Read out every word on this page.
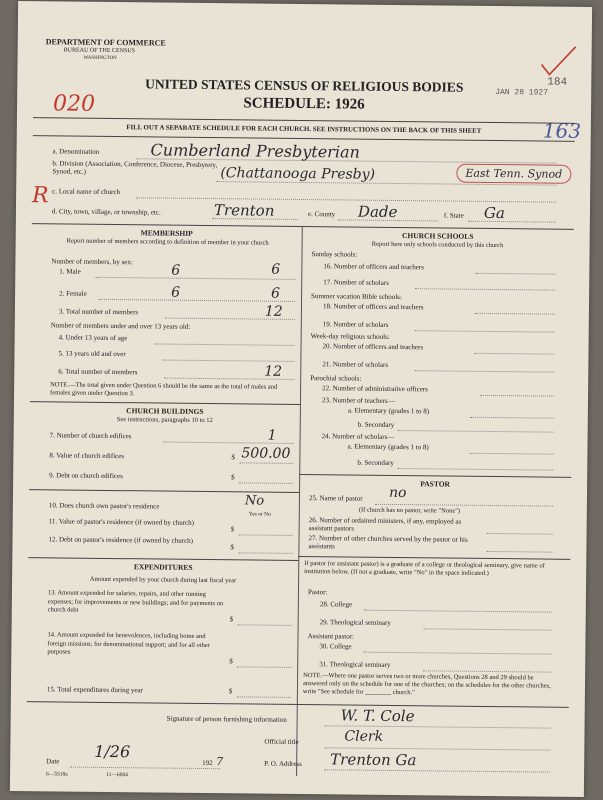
DEPARTMENT OF COMMERCE
BUREAU OF THE CENSUS
WASHINGTON
UNITED STATES CENSUS OF RELIGIOUS BODIES
SCHEDULE: 1926
020
163
JAN 28 1927
184
FILL OUT A SEPARATE SCHEDULE FOR EACH CHURCH. SEE INSTRUCTIONS ON THE BACK OF THIS SHEET
a. Denomination	Cumberland Presbyterian
b. Division (Association, Conference, Diocese, Presbytery, Synod, etc.)	(Chattanooga Presby)	East Tenn. Synod
R c. Local name of church
d. City, town, village, or township, etc.	Trenton	e. County Dade	f. State Ga
MEMBERSHIP
Report number of members according to definition of member in your church
Number of members, by sex:
1. Male	6	6
2. Female	6	6
3. Total number of members	12
Number of members under and over 13 years old:
4. Under 13 years of age
5. 13 years old and over
6. Total number of members	12
NOTE.—The total given under Question 6 should be the same as the total of males and females given under Question 3.
CHURCH BUILDINGS
See instructions, paragraphs 10 to 12
7. Number of church edifices	1
8. Value of church edifices	$ 500.00
9. Debt on church edifices	$
10. Does church own pastor's residence	No
Yes or No
11. Value of pastor's residence (if owned by church)
$
12. Debt on pastor's residence (if owned by church)
$
EXPENDITURES
Amount expended by your church during last fiscal year
13. Amount expended for salaries, repairs, and other running expenses; for improvements or new buildings; and for payments on church debt
$
14. Amount expended for benevolences, including home and foreign missions; for denominational support; and for all other purposes
$
15. Total expenditures during year	$
CHURCH SCHOOLS
Report here only schools conducted by this church
Sunday schools:
16. Number of officers and teachers
17. Number of scholars
Summer vacation Bible schools:
18. Number of officers and teachers
19. Number of scholars
Week-day religious schools:
20. Number of officers and teachers
21. Number of scholars
Parochial schools:
22. Number of administrative officers
23. Number of teachers—
a. Elementary (grades 1 to 8)
b. Secondary
24. Number of scholars—
a. Elementary (grades 1 to 8)
b. Secondary
PASTOR
25. Name of pastor no
(If church has no pastor, write "None")
26. Number of ordained ministers, if any, employed as assistant pastors
27. Number of other churches served by the pastor or his assistants
If pastor (or assistant pastor) is a graduate of a college or theological seminary, give name of institution below. (If not a graduate, write "No" in the space indicated.)
Pastor:
28. College
29. Theological seminary
Assistant pastor:
30. College
31. Theological seminary
NOTE.—Where one pastor serves two or more churches, Questions 28 and 29 should be answered only on the schedule for one of the churches; on the schedules for the other churches, write "See schedule for ________ church."
Signature of person furnishing information	W. T. Cole
Official title	Clerk
Date
1/26
192 7	P. O. Address Trenton Ga
6—5518a	11—6084
